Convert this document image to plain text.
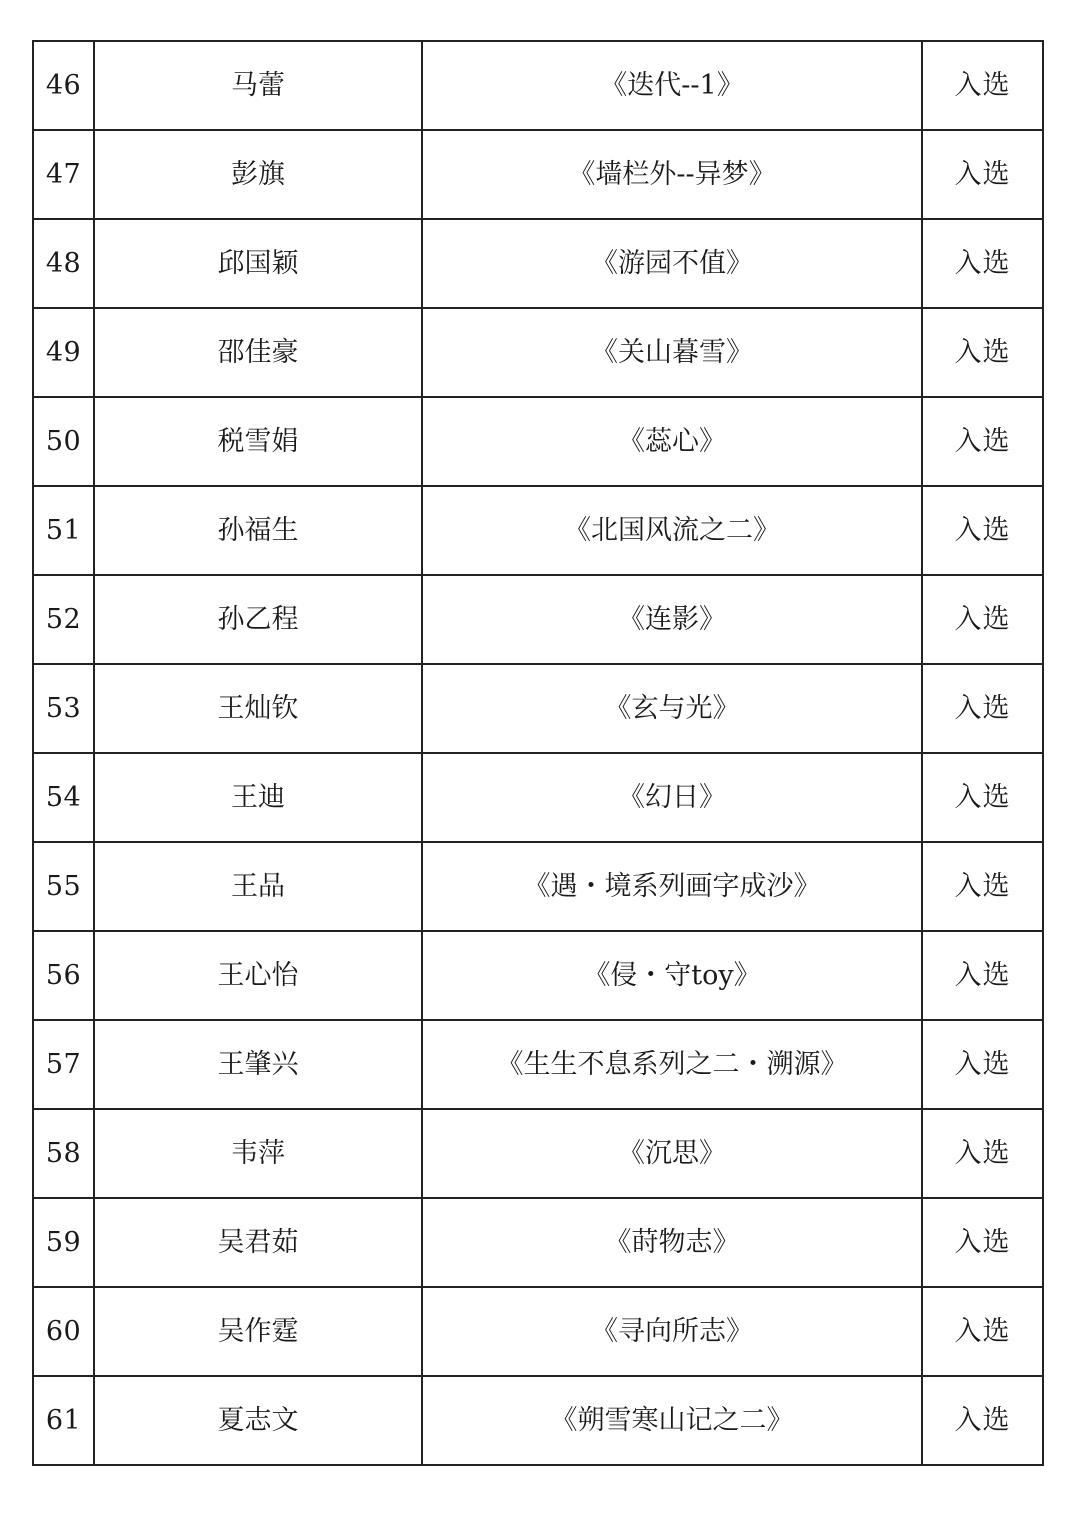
46	马蕾	《迭代--1》	入选
47	彭旗	《墙栏外--异梦》	入选
48	邱国颖	《游园不值》	入选
49	邵佳豪	《关山暮雪》	入选
50	税雪娟	《蕊心》	入选
51	孙福生	《北国风流之二》	入选
52	孙乙程	《连影》	入选
53	王灿钦	《玄与光》	入选
54	王迪	《幻日》	入选
55	王品	《遇・境系列画字成沙》	入选
56	王心怡	《侵・守toy》	入选
57	王肇兴	《生生不息系列之二・溯源》	入选
58	韦萍	《沉思》	入选
59	吴君茹	《莳物志》	入选
60	吴作霆	《寻向所志》	入选
61	夏志文	《朔雪寒山记之二》	入选
